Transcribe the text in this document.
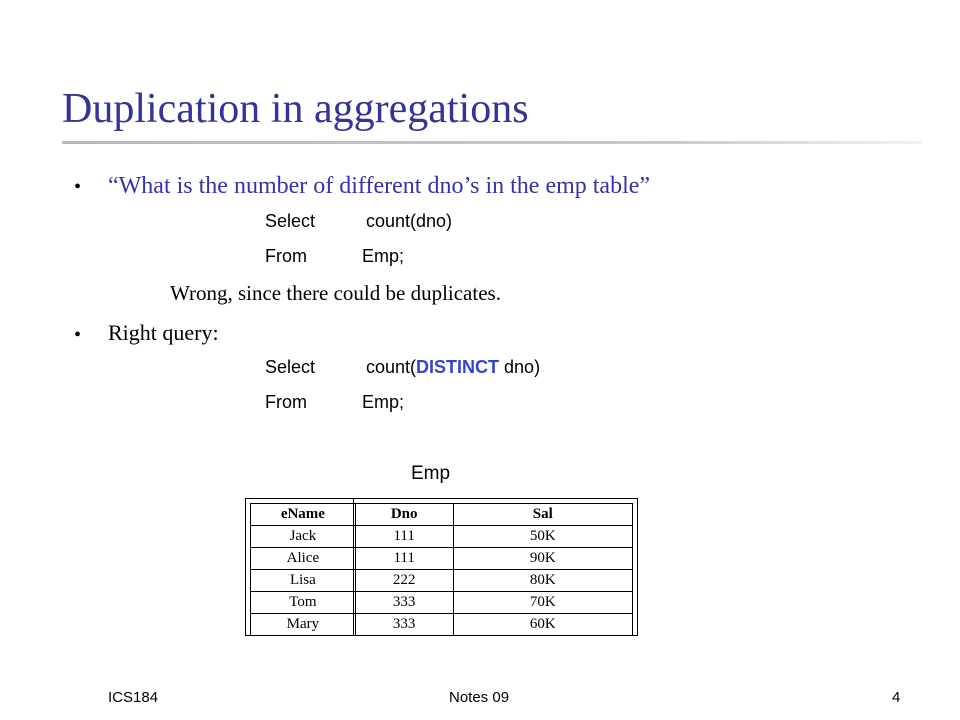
Duplication in aggregations
• “What is the number of different dno’s in the emp table”
Select	count(dno)
From	Emp;
Wrong, since there could be duplicates.
• Right query:
Select	count(DISTINCT dno)
From	Emp;
Emp
eName	Dno	Sal
Jack	111	50K
Alice	111	90K
Lisa	222	80K
Tom	333	70K
Mary	333	60K
ICS184	Notes 09	4
